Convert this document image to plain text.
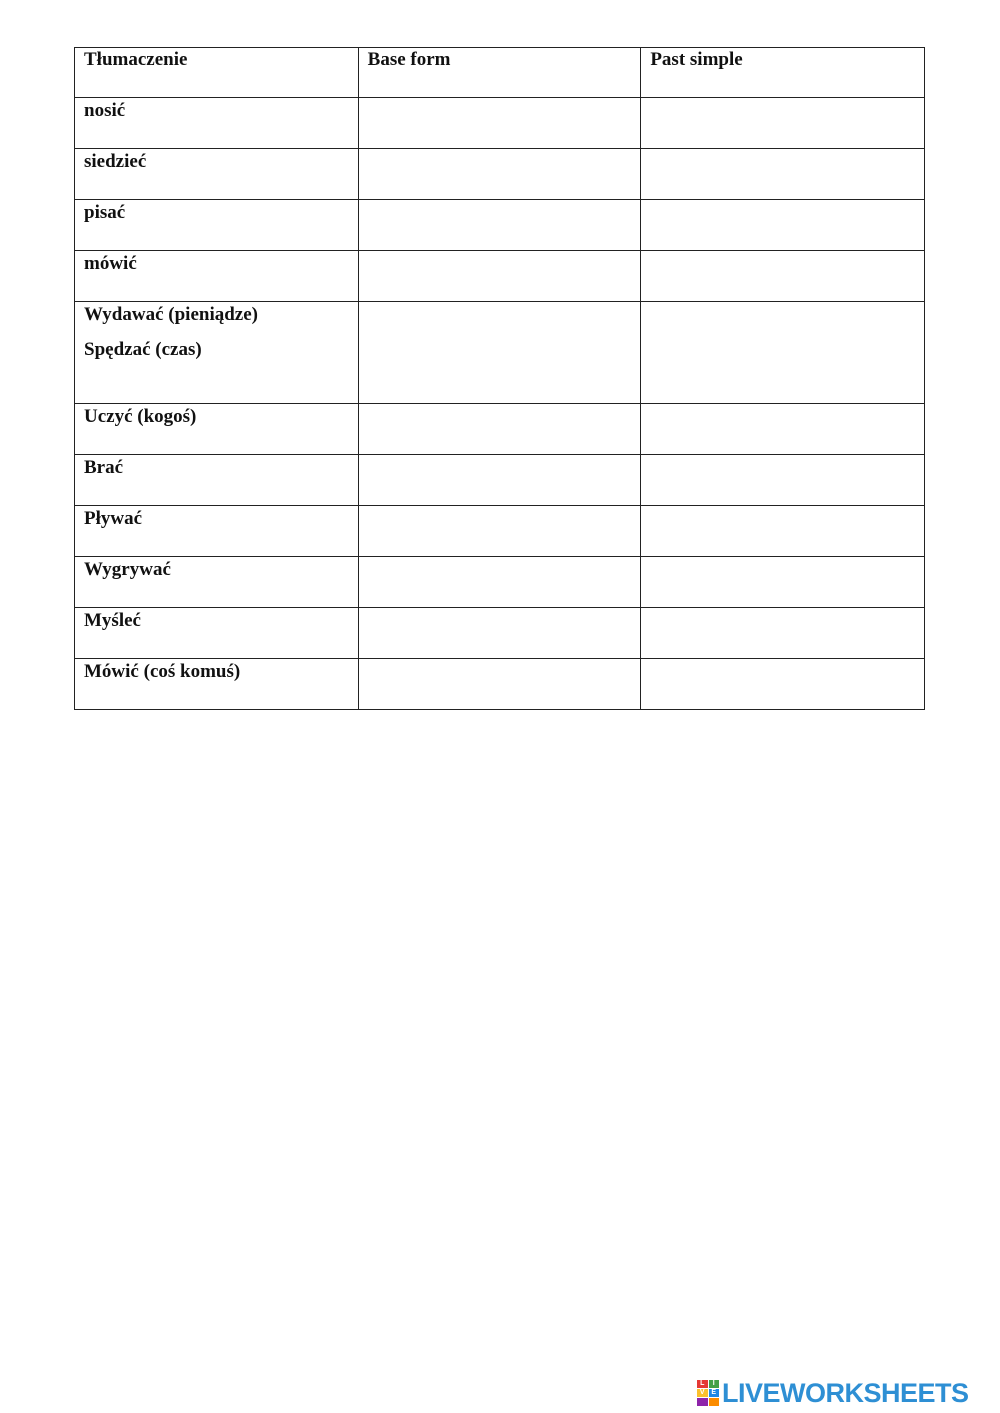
Tłumaczenie	Base form	Past simple
nosić		
siedzieć		
pisać		
mówić		
Wydawać (pieniądze)
Spędzać (czas)		

Uczyć (kogoś)		
Brać		
Pływać		
Wygrywać		
Myśleć		
Mówić (coś komuś)		
L	I
V E LIVEWORKSHEETS
